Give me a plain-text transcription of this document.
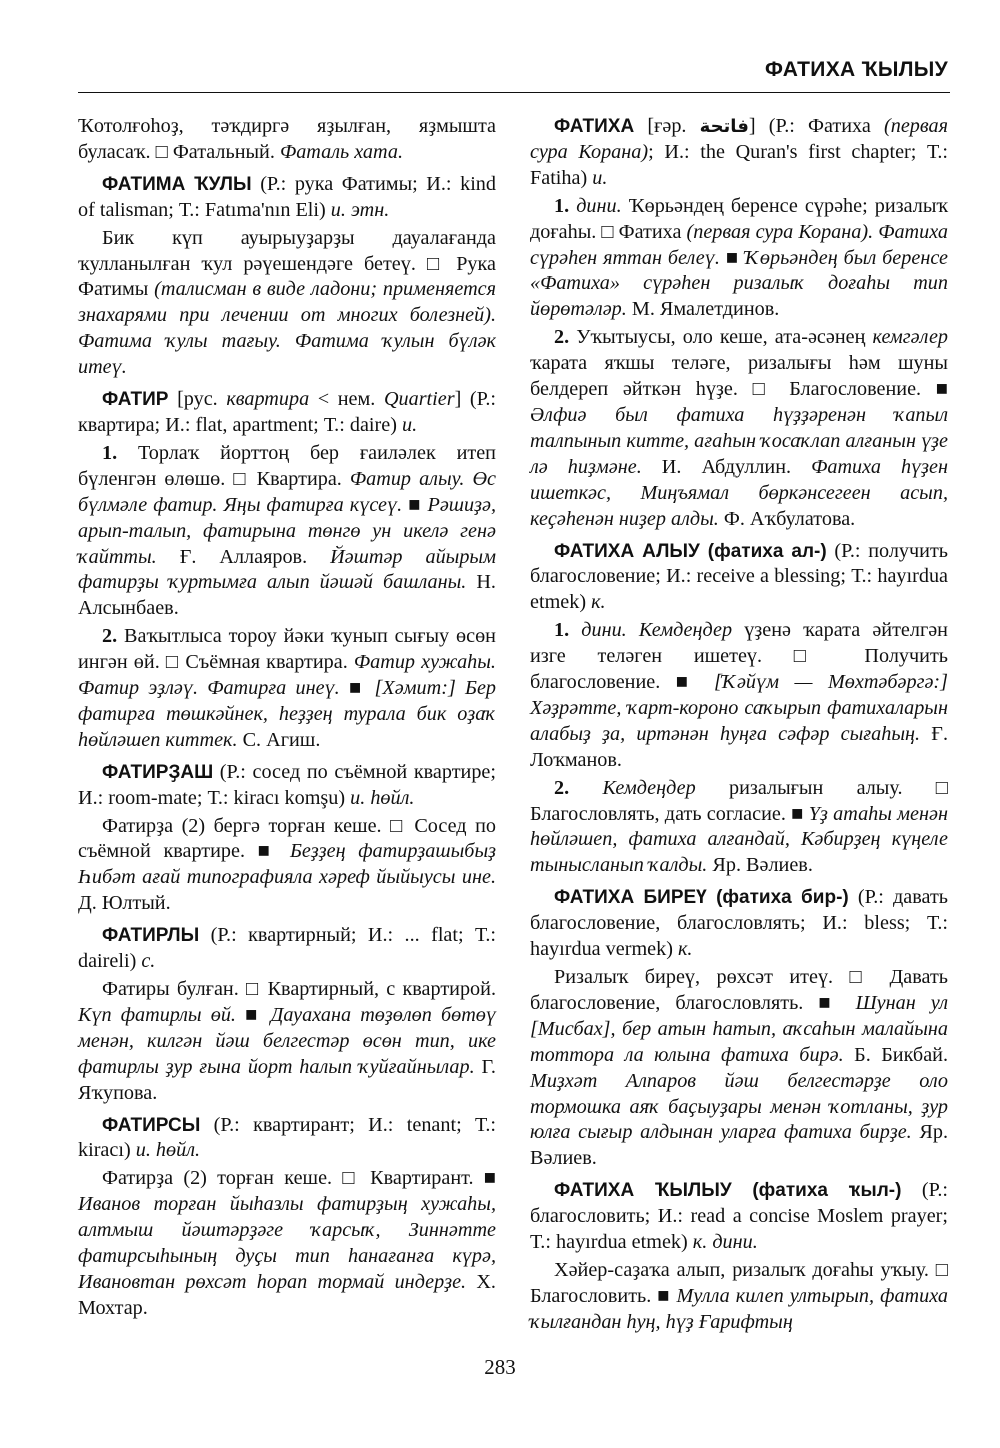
ФАТИХА ҠЫЛЫУ

Ҡотолғоһоҙ, тәҡдиргә яҙылған, яҙмышта буласаҡ. □ Фатальный. Фаталь хата.

ФАТИМА ҠУЛЫ (Р.: рука Фатимы; И.: kind of talisman; Т.: Fatıma'nın Eli) и. этн.

Бик күп ауырыуҙарҙы дауалағанда ҡулланылған ҡул рәүешендәге бетеү. □ Рука Фатимы (талисман в виде ладони; применяется знахарями при лечении от многих болезней). Фатима ҡулы тағыу. Фатима ҡулын бүләк итеү.

ФАТИР [рус. квартира < нем. Quartier] (Р.: квартира; И.: flat, apartment; Т.: daire) и.

1. Торлаҡ йорттоң бер ғаиләлек итеп бүленгән өлөшө. □ Квартира. Фатир алыу. Өс бүлмәле фатир. Яңы фатирға күсеү. ■ Рәшиҙә, арып-талып, фатирына төнгө ун икелә генә ҡайтты. Ғ. Аллаяров. Йәштәр айырым фатирҙы ҡуртымға алып йәшәй башланы. Н. Алсынбаев.

2. Ваҡытлыса тороу йәки ҡунып сығыу өсөн ингән өй. □ Съёмная квартира. Фатир хужаһы. Фатир эҙләү. Фатирға инеү. ■ [Хәмит:] Бер фатирға төшкәйнек, һеҙҙең турала бик оҙаҡ һөйләшеп киттек. С. Агиш.

ФАТИРҘАШ (Р.: сосед по съёмной квартире; И.: room-mate; Т.: kiracı komşu) и. һөйл.

Фатирҙа (2) бергә торған кеше. □ Сосед по съёмной квартире. ■ Беҙҙең фатирҙашыбыҙ Һибәт ағай типографияла хәреф йыйыусы ине. Д. Юлтый.

ФАТИРЛЫ (Р.: квартирный; И.: ... flat; Т.: daireli) с.

Фатиры булған. □ Квартирный, с квартирой. Күп фатирлы өй. ■ Дауахана төҙөлөп бөтөү менән, килгән йәш белгестәр өсөн тип, ике фатирлы ҙур ғына йорт һалып ҡуйғайнылар. Г. Яҡупова.

ФАТИРСЫ (Р.: квартирант; И.: tenant; Т.: kiracı) и. һөйл.

Фатирҙа (2) торған кеше. □ Квартирант. ■ Иванов торған йыһазлы фатирҙың хужаһы, алтмыш йәштәрҙәге ҡарсыҡ, Зиннәтте фатирсыһының дуҫы тип һанағанға күрә, Ивановтан рөхсәт һорап тормай индерҙе. Х. Мохтар.

ФАТИХА [ғәр. فاتحة] (Р.: Фатиха (первая сура Корана); И.: the Quran's first chapter; Т.: Fatiha) и.

1. дини. Ҡөрьәндең беренсе сүрәһе; ризалыҡ доғаһы. □ Фатиха (первая сура Корана). Фатиха сүрәһен яттан белеү. ■ Ҡөрьәндең был беренсе «Фатиха» сүрәһен ризалыҡ доғаһы тип йөрөтәләр. М. Ямалетдинов.

2. Уҡытыусы, оло кеше, ата-әсәнең кемгәлер ҡарата яҡшы теләге, ризалығы һәм шуны белдереп әйткән һүҙе. □ Благословение. ■ Әлфиә был фатиха һүҙҙәренән ҡапыл талпынып китте, ағаһын ҡосаҡлап алғанын үҙе лә һиҙмәне. И. Абдуллин. Фатиха һүҙен ишеткәс, Миңъямал бөркәнсегеен асып, кеҫәһенән ниҙер алды. Ф. Аҡбулатова.

ФАТИХА АЛЫУ (фатиха ал-) (Р.: получить благословение; И.: receive a blessing; Т.: hayırdua etmek) к.

1. дини. Кемдеңдер үҙенә ҡарата әйтелгән изге теләген ишетеү. □ Получить благословение. ■ [Ҡәйүм — Мөхтәбәргә:] Хәҙрәтте, ҡарт-короно саҡырып фатихаларын алабыҙ ҙа, иртәнән һуңға сәфәр сығаһың. Ғ. Лоҡманов.

2. Кемдеңдер ризалығын алыу. □ Благословлять, дать согласие. ■ Үҙ атаһы менән һөйләшеп, фатиха алғандай, Кәбирҙең күңеле тынысланып ҡалды. Яр. Вәлиев.

ФАТИХА БИРЕҮ (фатиха бир-) (Р.: давать благословение, благословлять; И.: bless; Т.: hayırdua vermek) к.

Ризалыҡ биреү, рөхсәт итеү. □ Давать благословение, благословлять. ■ Шунан ул [Мисбах], бер атын һатып, аҡсаһын малайына тоттора ла юлына фатиха бирә. Б. Бикбай. Миҙхәт Алпаров йәш белгестәрҙе оло тормошка аяҡ баҫыуҙары менән ҡотланы, ҙур юлға сығыр алдынан уларға фатиха бирҙе. Яр. Вәлиев.

ФАТИХА ҠЫЛЫУ (фатиха ҡыл-) (Р.: благословить; И.: read a concise Moslem prayer; Т.: hayırdua etmek) к. дини.

Хәйер-саҙаҡа алып, ризалыҡ доғаһы уҡыу. □ Благословить. ■ Мулла килеп ултырып, фатиха ҡылғандан һуң, һүҙ Ғарифтың

283
